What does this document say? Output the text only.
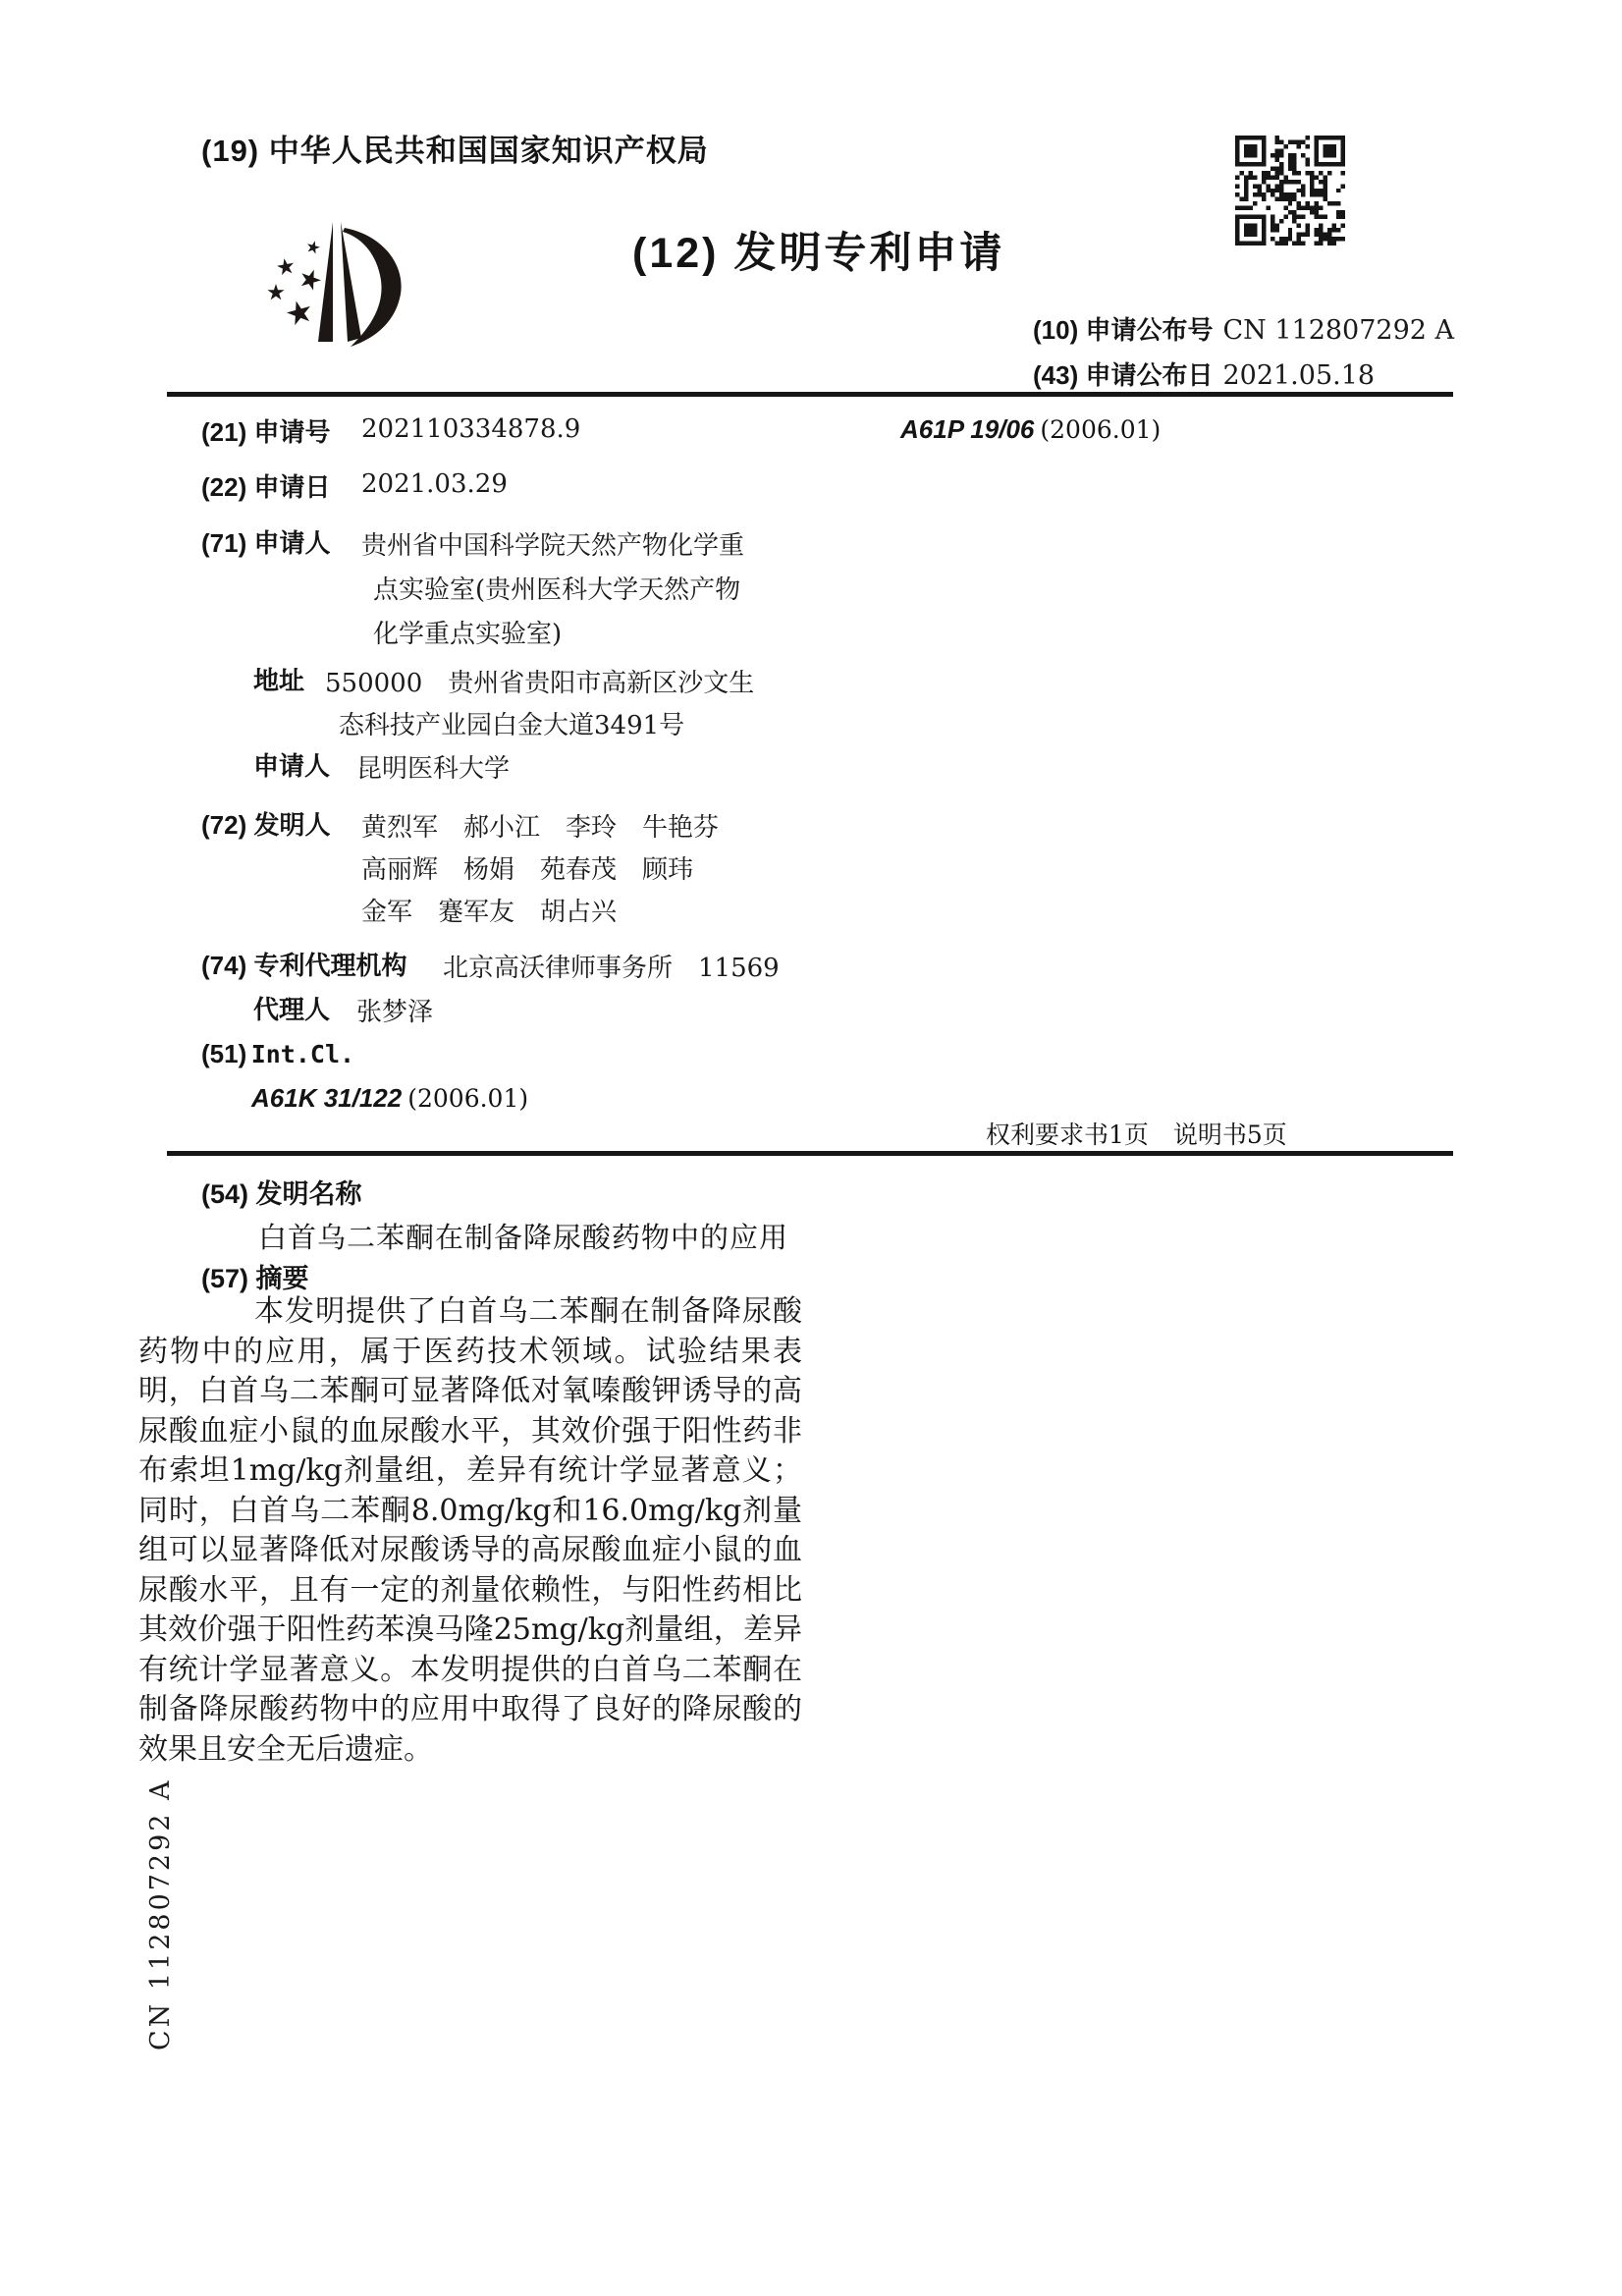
(19) 中华人民共和国国家知识产权局
(12) 发明专利申请
(10) 申请公布号 CN 112807292 A
(43) 申请公布日 2021.05.18
(21) 申请号 202110334878.9
(22) 申请日 2021.03.29
(71) 申请人 贵州省中国科学院天然产物化学重
点实验室(贵州医科大学天然产物
化学重点实验室)
地址 550000　贵州省贵阳市高新区沙文生
态科技产业园白金大道3491号
申请人 昆明医科大学
(72) 发明人 黄烈军　郝小江　李玲　牛艳芬
高丽辉　杨娟　苑春茂　顾玮
金军　蹇军友　胡占兴
(74) 专利代理机构 北京高沃律师事务所　11569
代理人 张梦泽
(51) Int.Cl.
A61K 31/122 (2006.01)
A61P 19/06 (2006.01)
权利要求书1页　说明书5页
(54) 发明名称
白首乌二苯酮在制备降尿酸药物中的应用
(57) 摘要
本发明提供了白首乌二苯酮在制备降尿酸药物中的应用，属于医药技术领域。试验结果表明，白首乌二苯酮可显著降低对氧嗪酸钾诱导的高尿酸血症小鼠的血尿酸水平，其效价强于阳性药非布索坦1mg/kg剂量组，差异有统计学显著意义；同时，白首乌二苯酮8.0mg/kg和16.0mg/kg剂量组可以显著降低对尿酸诱导的高尿酸血症小鼠的血尿酸水平，且有一定的剂量依赖性，与阳性药相比其效价强于阳性药苯溴马隆25mg/kg剂量组，差异有统计学显著意义。本发明提供的白首乌二苯酮在制备降尿酸药物中的应用中取得了良好的降尿酸的效果且安全无后遗症。
CN 112807292 A
